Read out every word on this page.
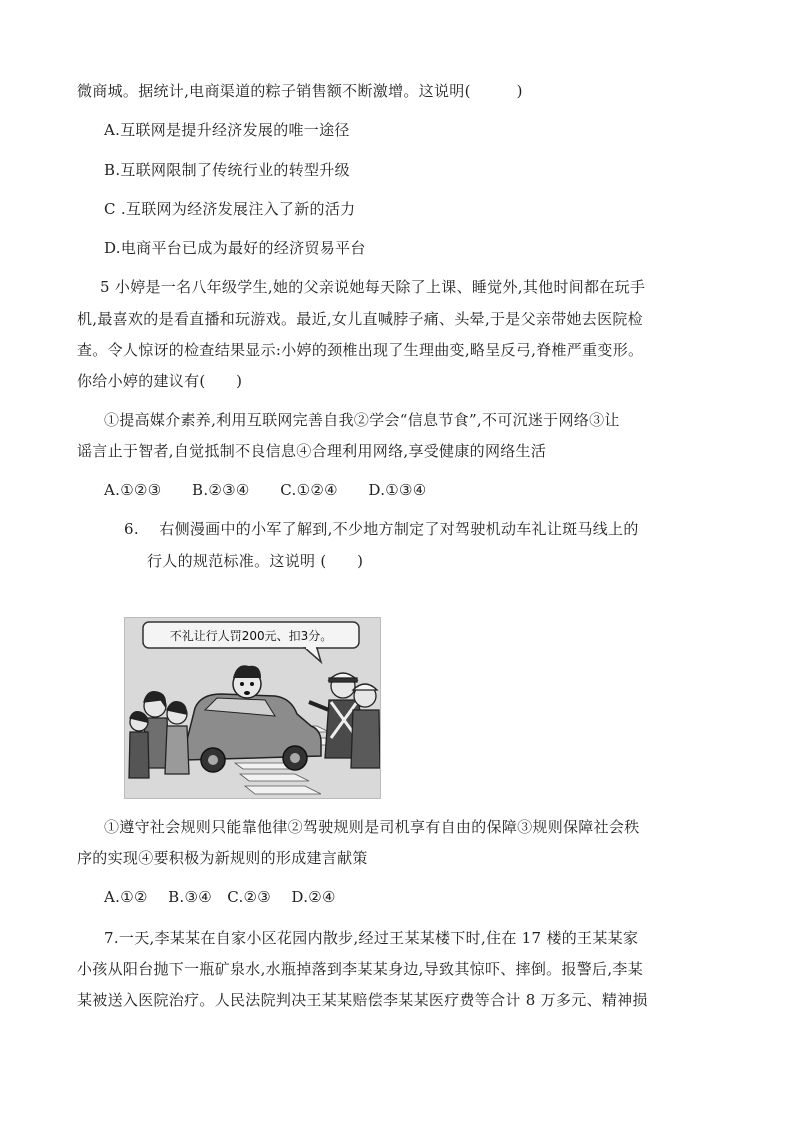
微商城。据统计,电商渠道的粽子销售额不断激增。这说明(　　　)
A.互联网是提升经济发展的唯一途径
B.互联网限制了传统行业的转型升级
C .互联网为经济发展注入了新的活力
D.电商平台已成为最好的经济贸易平台
5 小婷是一名八年级学生,她的父亲说她每天除了上课、睡觉外,其他时间都在玩手
机,最喜欢的是看直播和玩游戏。最近,女儿直喊脖子痛、头晕,于是父亲带她去医院检
查。令人惊讶的检查结果显示:小婷的颈椎出现了生理曲变,略呈反弓,脊椎严重变形。
你给小婷的建议有(　　)
①提高媒介素养,利用互联网完善自我②学会“信息节食”,不可沉迷于网络③让
谣言止于智者,自觉抵制不良信息④合理利用网络,享受健康的网络生活
A.①②③　　B.②③④　　C.①②④　　D.①③④
6.　 右侧漫画中的小军了解到,不少地方制定了对驾驶机动车礼让斑马线上的
行人的规范标准。这说明 (　　)
不礼让行人罚200元、扣3分。
①遵守社会规则只能靠他律②驾驶规则是司机享有自由的保障③规则保障社会秩
序的实现④要积极为新规则的形成建言献策
A.①②　 B.③④　C.②③　 D.②④
7.一天,李某某在自家小区花园内散步,经过王某某楼下时,住在 17 楼的王某某家
小孩从阳台抛下一瓶矿泉水,水瓶掉落到李某某身边,导致其惊吓、摔倒。报警后,李某
某被送入医院治疗。人民法院判决王某某赔偿李某某医疗费等合计 8 万多元、精神损
